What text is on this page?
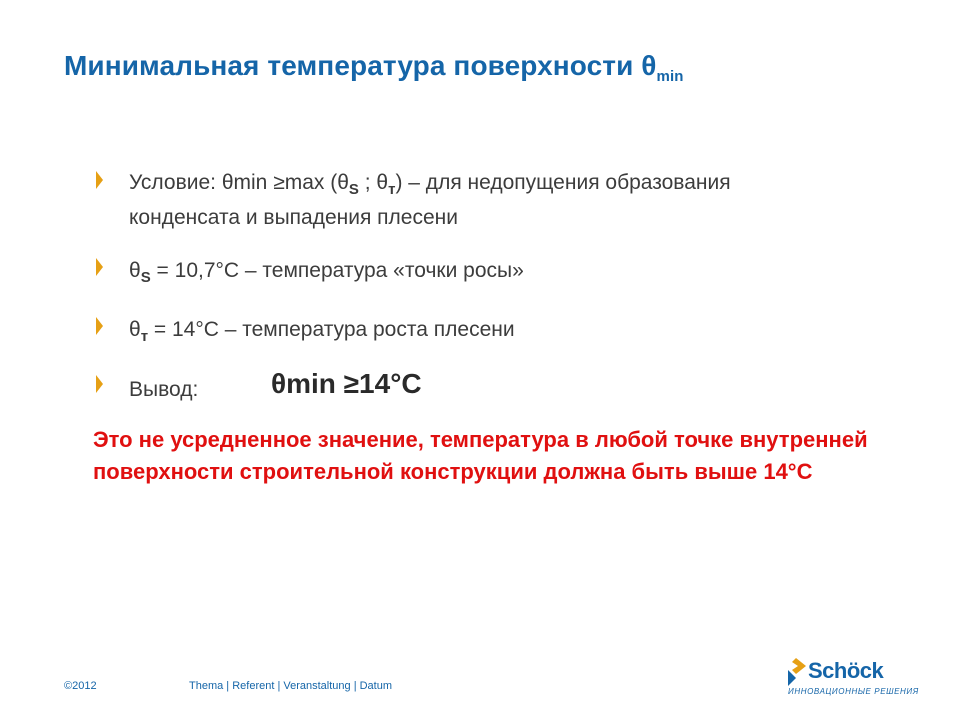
Минимальная температура поверхности $\theta_{min}$
Условие: θmin ≥max ($\theta_S$ ; $\theta_т$) – для недопущения образования
конденсата и выпадения плесени
$\theta_S = 10,7^\circ C$ – температура «точки росы»
$\theta_т = 14^\circ C$ – температура роста плесени
Вывод:	θmin ≥14°C
Это не усредненное значение, температура в любой точке внутренней поверхности строительной конструкции должна быть выше 14°C
©2012	Thema | Referent | Veranstaltung | Datum
Schöck
ИННОВАЦИОННЫЕ РЕШЕНИЯ
